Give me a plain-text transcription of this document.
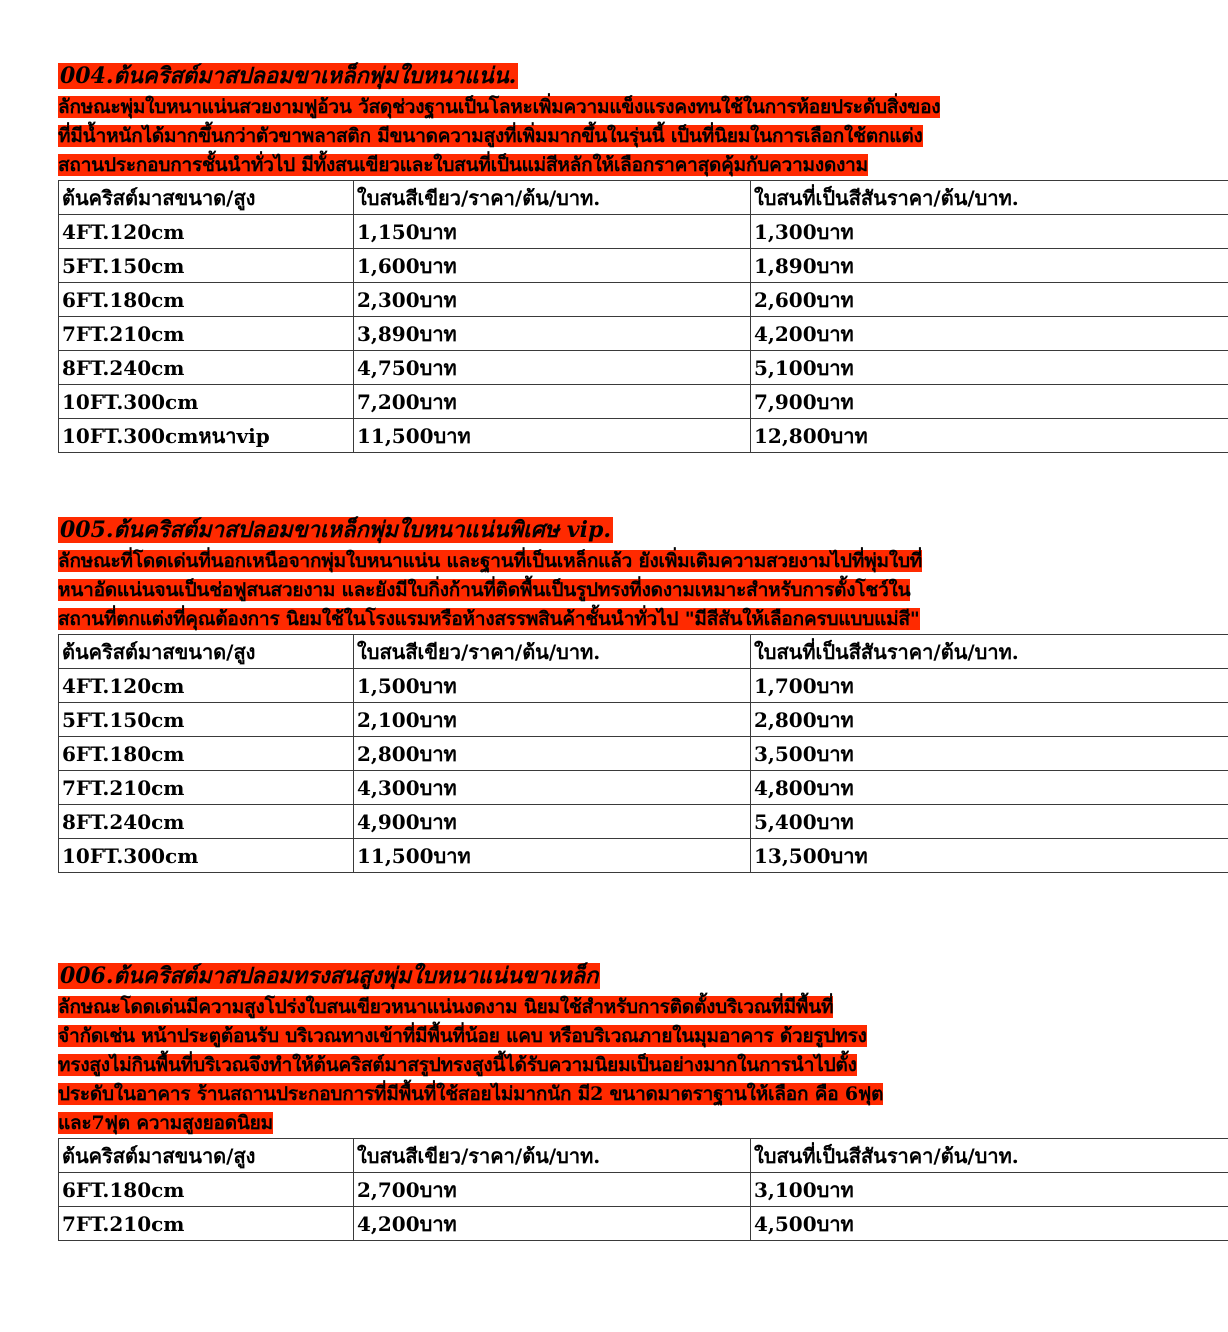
004.ต้นคริสต์มาสปลอมขาเหล็กพุ่มใบหนาแน่น.
ลักษณะพุ่มใบหนาแน่นสวยงามฟูอ้วน วัสดุช่วงฐานเป็นโลหะเพิ่มความแข็งแรงคงทนใช้ในการห้อยประดับสิ่งของ
ที่มีน้ำหนักได้มากขึ้นกว่าตัวขาพลาสติก มีขนาดความสูงที่เพิ่มมากขึ้นในรุ่นนี้ เป็นที่นิยมในการเลือกใช้ตกแต่ง
สถานประกอบการชั้นนำทั่วไป มีทั้งสนเขียวและใบสนที่เป็นแม่สีหลักให้เลือกราคาสุดคุ้มกับความงดงาม
ต้นคริสต์มาสขนาด/สูง	ใบสนสีเขียว/ราคา/ต้น/บาท.	ใบสนที่เป็นสีสันราคา/ต้น/บาท.
4FT.120cm	1,150บาท	1,300บาท
5FT.150cm	1,600บาท	1,890บาท
6FT.180cm	2,300บาท	2,600บาท
7FT.210cm	3,890บาท	4,200บาท
8FT.240cm	4,750บาท	5,100บาท
10FT.300cm	7,200บาท	7,900บาท
10FT.300cmหนาvip	11,500บาท	12,800บาท
005.ต้นคริสต์มาสปลอมขาเหล็กพุ่มใบหนาแน่นพิเศษ vip.
ลักษณะที่โดดเด่นที่นอกเหนือจากพุ่มใบหนาแน่น และฐานที่เป็นเหล็กแล้ว ยังเพิ่มเติมความสวยงามไปที่พุ่มใบที่
หนาอัดแน่นจนเป็นช่อฟูสนสวยงาม และยังมีใบกิ่งก้านที่ติดพื้นเป็นรูปทรงที่งดงามเหมาะสำหรับการตั้งโชว์ใน
สถานที่ตกแต่งที่คุณต้องการ นิยมใช้ในโรงแรมหรือห้างสรรพสินค้าชั้นนำทั่วไป "มีสีสันให้เลือกครบแบบแม่สี"
ต้นคริสต์มาสขนาด/สูง	ใบสนสีเขียว/ราคา/ต้น/บาท.	ใบสนที่เป็นสีสันราคา/ต้น/บาท.
4FT.120cm	1,500บาท	1,700บาท
5FT.150cm	2,100บาท	2,800บาท
6FT.180cm	2,800บาท	3,500บาท
7FT.210cm	4,300บาท	4,800บาท
8FT.240cm	4,900บาท	5,400บาท
10FT.300cm	11,500บาท	13,500บาท
006.ต้นคริสต์มาสปลอมทรงสนสูงพุ่มใบหนาแน่นขาเหล็ก
ลักษณะโดดเด่นมีความสูงโปร่งใบสนเขียวหนาแน่นงดงาม นิยมใช้สำหรับการติดตั้งบริเวณที่มีพื้นที่
จำกัดเช่น หน้าประตูต้อนรับ บริเวณทางเข้าที่มีพื้นที่น้อย แคบ หรือบริเวณภายในมุมอาคาร ด้วยรูปทรง
ทรงสูงไม่กินพื้นที่บริเวณจึงทำให้ต้นคริสต์มาสรูปทรงสูงนี้ได้รับความนิยมเป็นอย่างมากในการนำไปตั้ง
ประดับในอาคาร ร้านสถานประกอบการที่มีพื้นที่ใช้สอยไม่มากนัก มี2 ขนาดมาตราฐานให้เลือก คือ 6ฟุต
และ7ฟุต ความสูงยอดนิยม
ต้นคริสต์มาสขนาด/สูง	ใบสนสีเขียว/ราคา/ต้น/บาท.	ใบสนที่เป็นสีสันราคา/ต้น/บาท.
6FT.180cm	2,700บาท	3,100บาท
7FT.210cm	4,200บาท	4,500บาท
